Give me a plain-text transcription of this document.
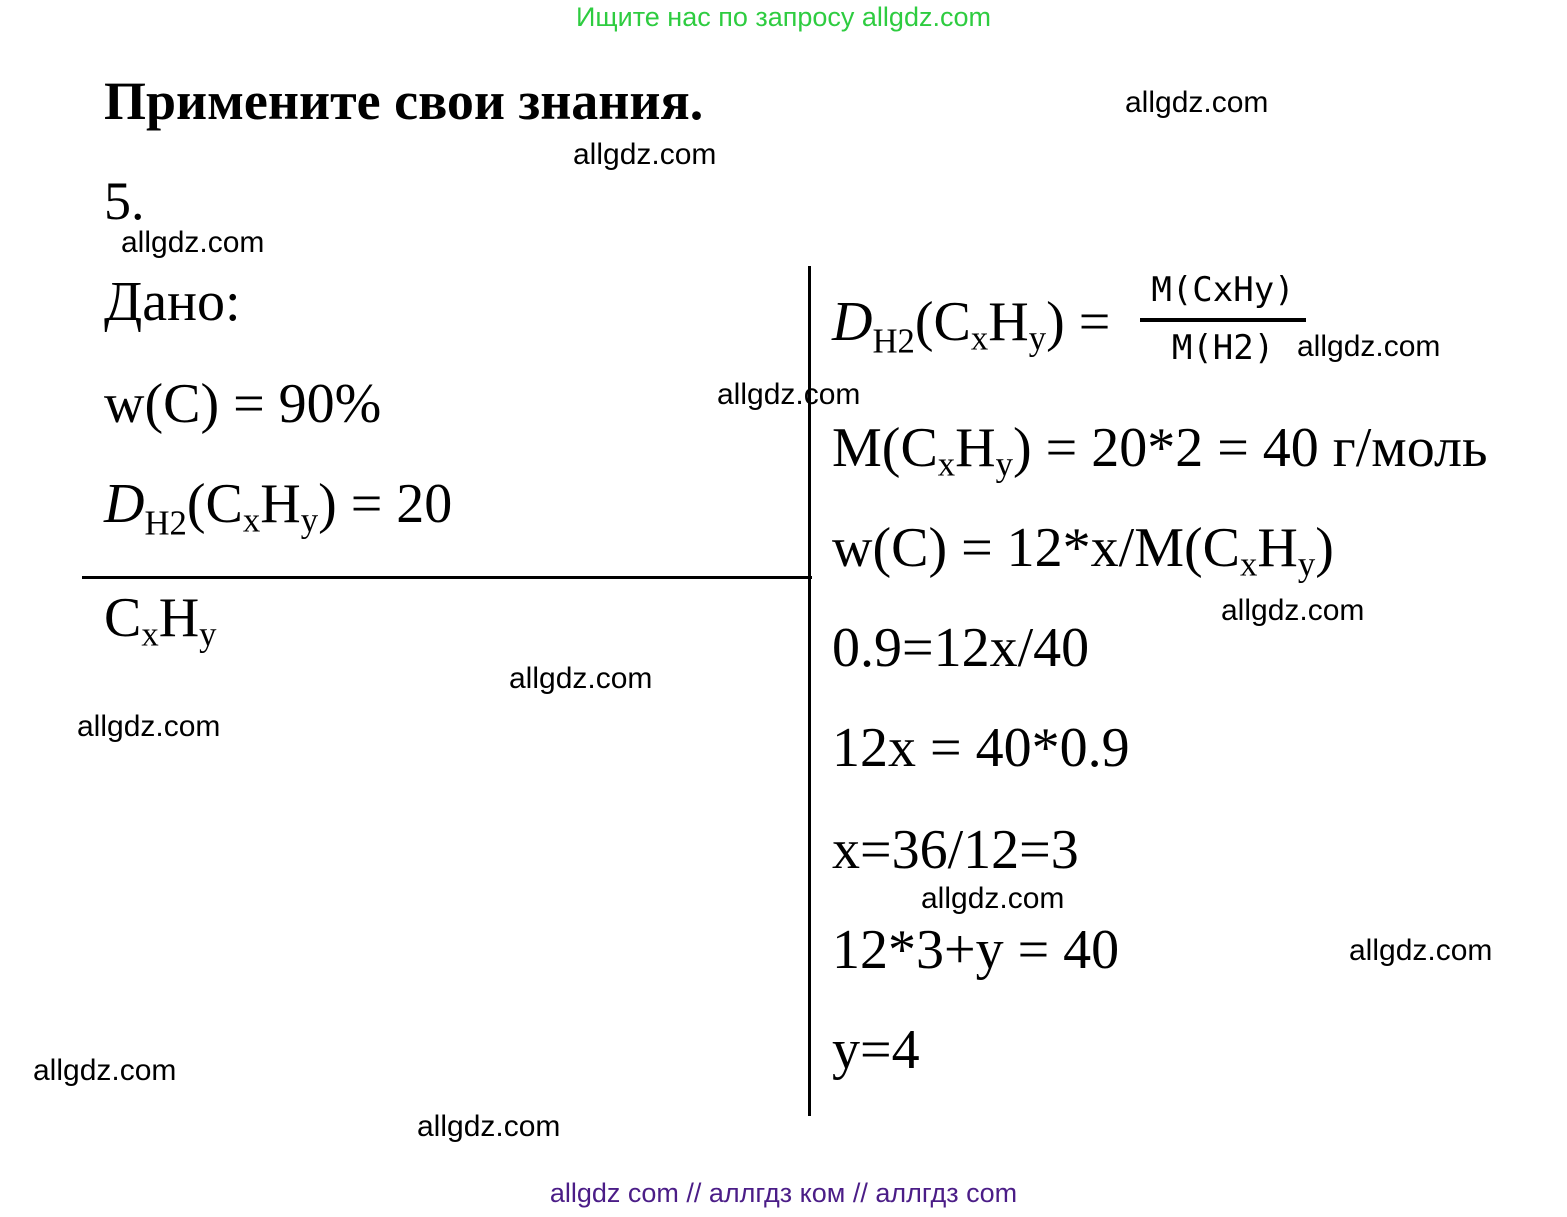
Ищите нас по запросу allgdz.com
Примените свои знания.
5.
Дано:
w(C) = 90%
$D_{H2}(C_xH_y) = 20$
$C_xH_y$
$D_{H2}(C_xH_y)$ =
M(CxHy)
M(H2)
$M(C_xH_y) = 20*2 = 40$ г/моль
$w(C) = 12*x/M(C_xH_y)$
0.9=12x/40
12x = 40*0.9
x=36/12=3
12*3+y = 40
y=4
allgdz.com
allgdz.com
allgdz.com
allgdz.com
allgdz.com
allgdz.com
allgdz.com
allgdz.com
allgdz.com
allgdz.com
allgdz.com
allgdz.com
allgdz com // аллгдз ком // аллгдз com
